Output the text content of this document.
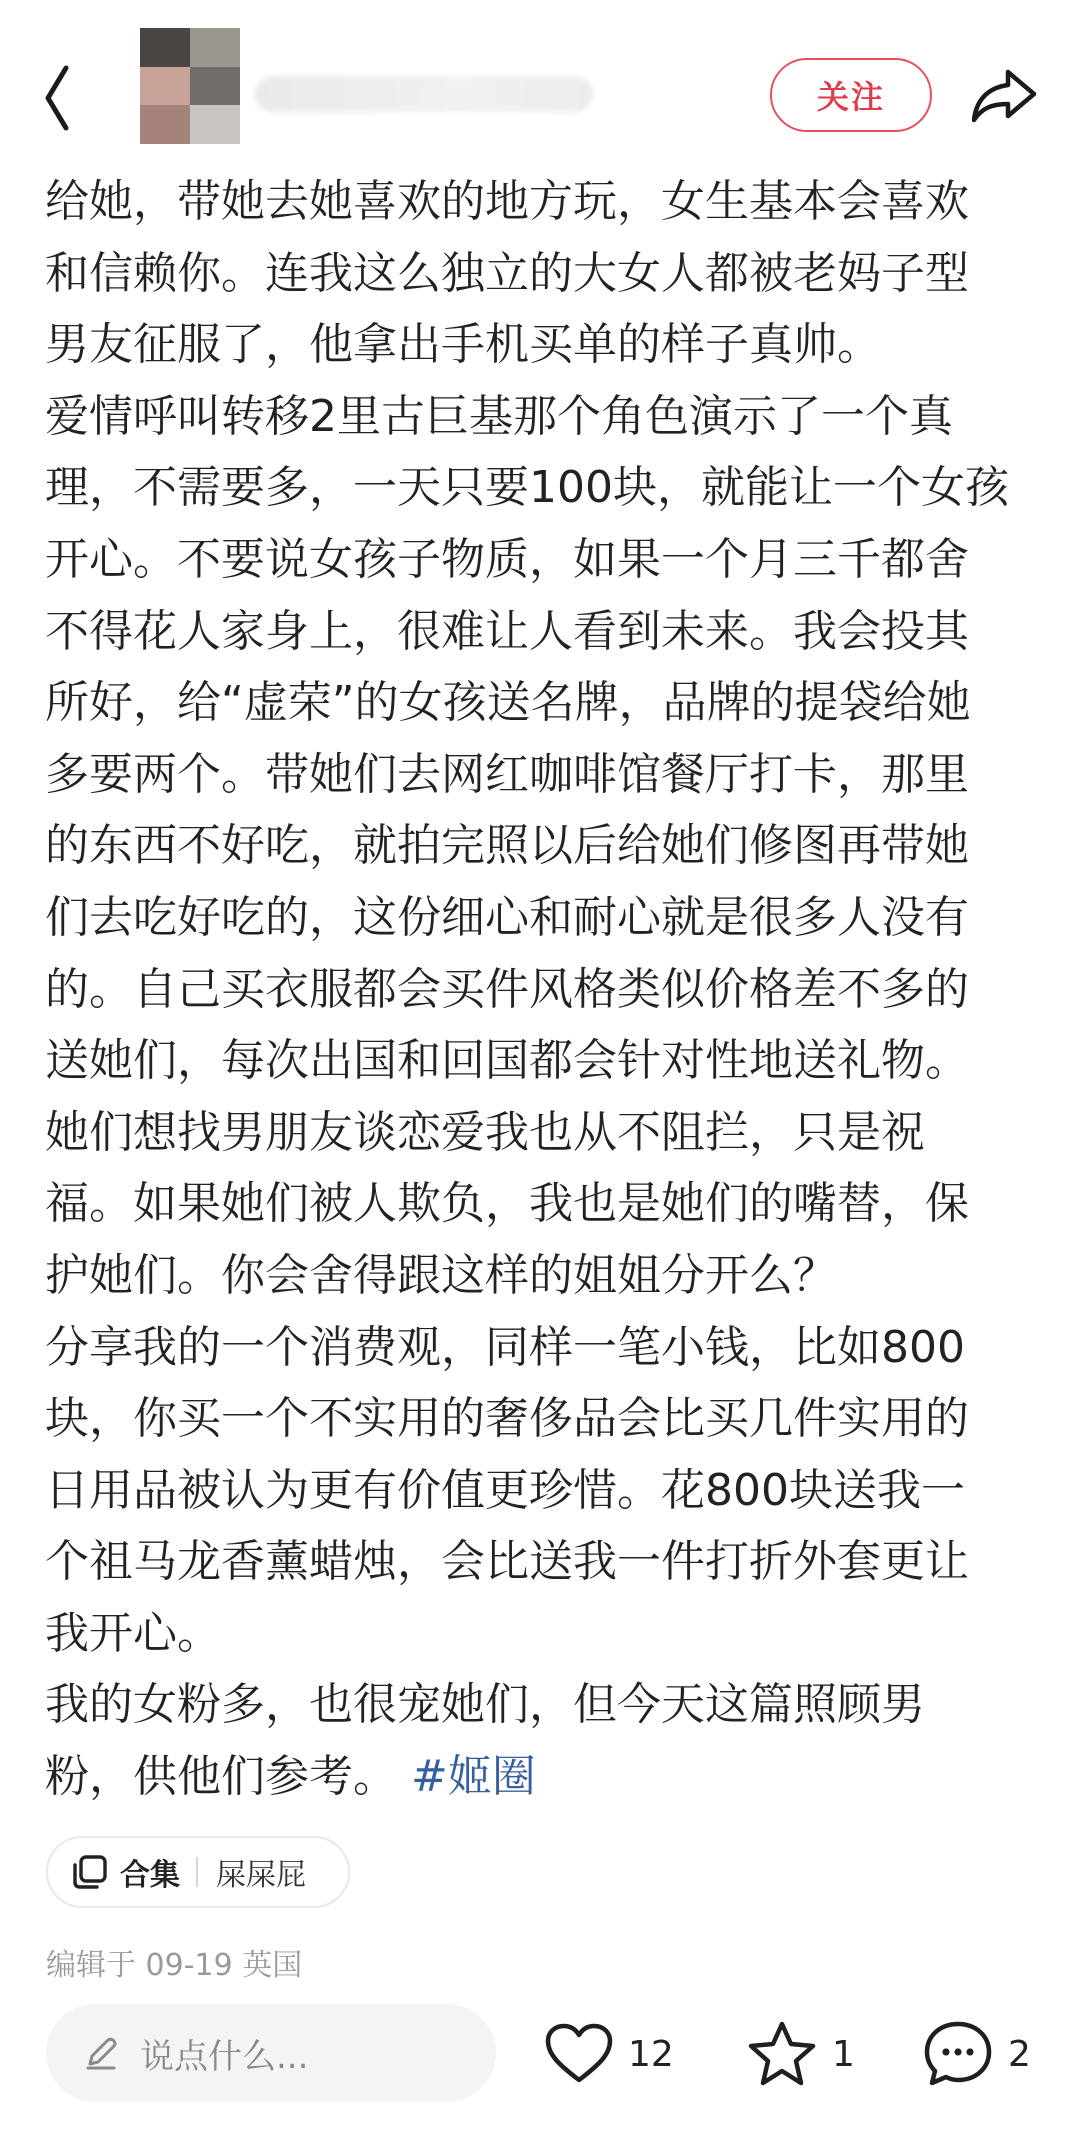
关注
给她，带她去她喜欢的地方玩，女生基本会喜欢
和信赖你。连我这么独立的大女人都被老妈子型
男友征服了，他拿出手机买单的样子真帅。
爱情呼叫转移2里古巨基那个角色演示了一个真
理，不需要多，一天只要100块，就能让一个女孩
开心。不要说女孩子物质，如果一个月三千都舍
不得花人家身上，很难让人看到未来。我会投其
所好，给“虚荣”的女孩送名牌，品牌的提袋给她
多要两个。带她们去网红咖啡馆餐厅打卡，那里
的东西不好吃，就拍完照以后给她们修图再带她
们去吃好吃的，这份细心和耐心就是很多人没有
的。自己买衣服都会买件风格类似价格差不多的
送她们，每次出国和回国都会针对性地送礼物。
她们想找男朋友谈恋爱我也从不阻拦，只是祝
福。如果她们被人欺负，我也是她们的嘴替，保
护她们。你会舍得跟这样的姐姐分开么？
分享我的一个消费观，同样一笔小钱，比如800
块，你买一个不实用的奢侈品会比买几件实用的
日用品被认为更有价值更珍惜。花800块送我一
个祖马龙香薰蜡烛，会比送我一件打折外套更让
我开心。
我的女粉多，也很宠她们，但今天这篇照顾男
粉，供他们参考。 #姬圈
合集 屎屎屁
编辑于 09-19 英国
说点什么...	12	1	2
